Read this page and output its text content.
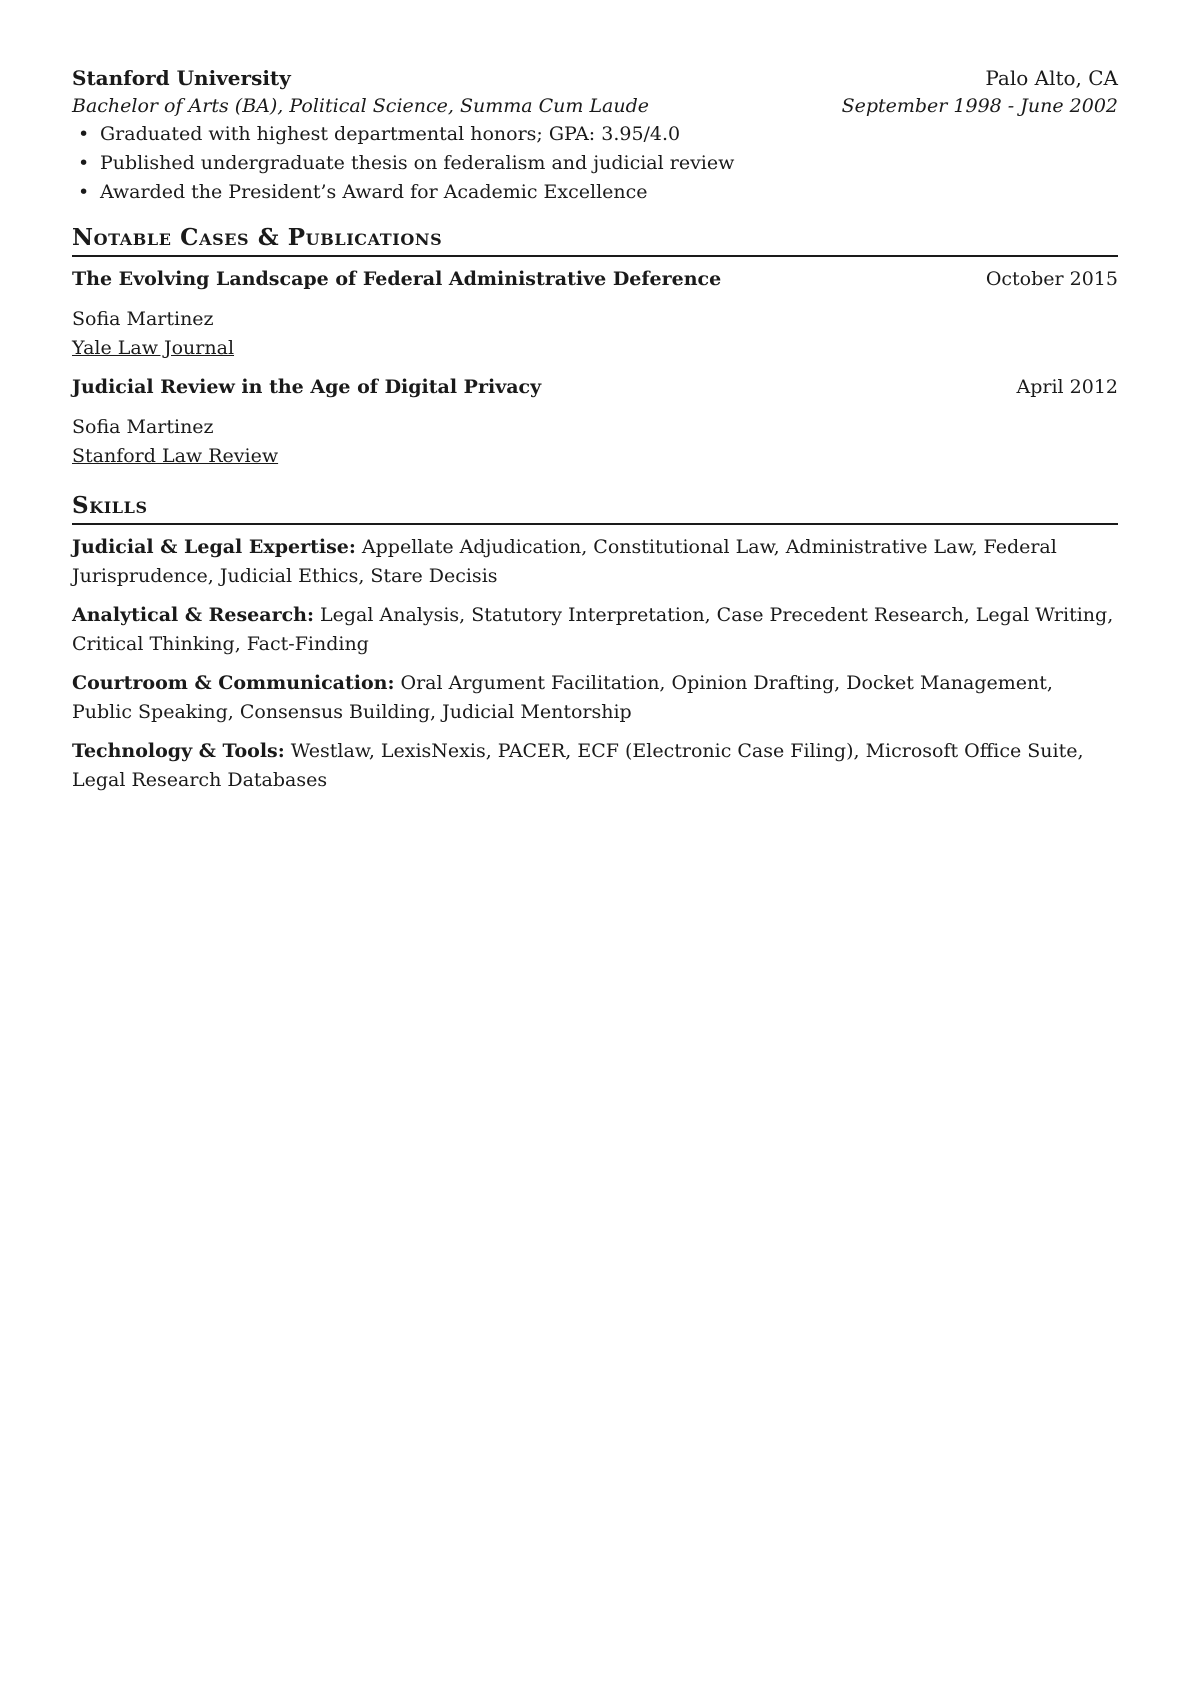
Stanford University	Palo Alto, CA
Bachelor of Arts (BA), Political Science, Summa Cum Laude	September 1998 - June 2002
• Graduated with highest departmental honors; GPA: 3.95/4.0
• Published undergraduate thesis on federalism and judicial review
• Awarded the President’s Award for Academic Excellence
Notable Cases & Publications
The Evolving Landscape of Federal Administrative Deference	October 2015
Sofia Martinez
Yale Law Journal
Judicial Review in the Age of Digital Privacy	April 2012
Sofia Martinez
Stanford Law Review
Skills
Judicial & Legal Expertise: Appellate Adjudication, Constitutional Law, Administrative Law, Federal Jurisprudence, Judicial Ethics, Stare Decisis
Analytical & Research: Legal Analysis, Statutory Interpretation, Case Precedent Research, Legal Writing, Critical Thinking, Fact-Finding
Courtroom & Communication: Oral Argument Facilitation, Opinion Drafting, Docket Management, Public Speaking, Consensus Building, Judicial Mentorship
Technology & Tools: Westlaw, LexisNexis, PACER, ECF (Electronic Case Filing), Microsoft Office Suite, Legal Research Databases
